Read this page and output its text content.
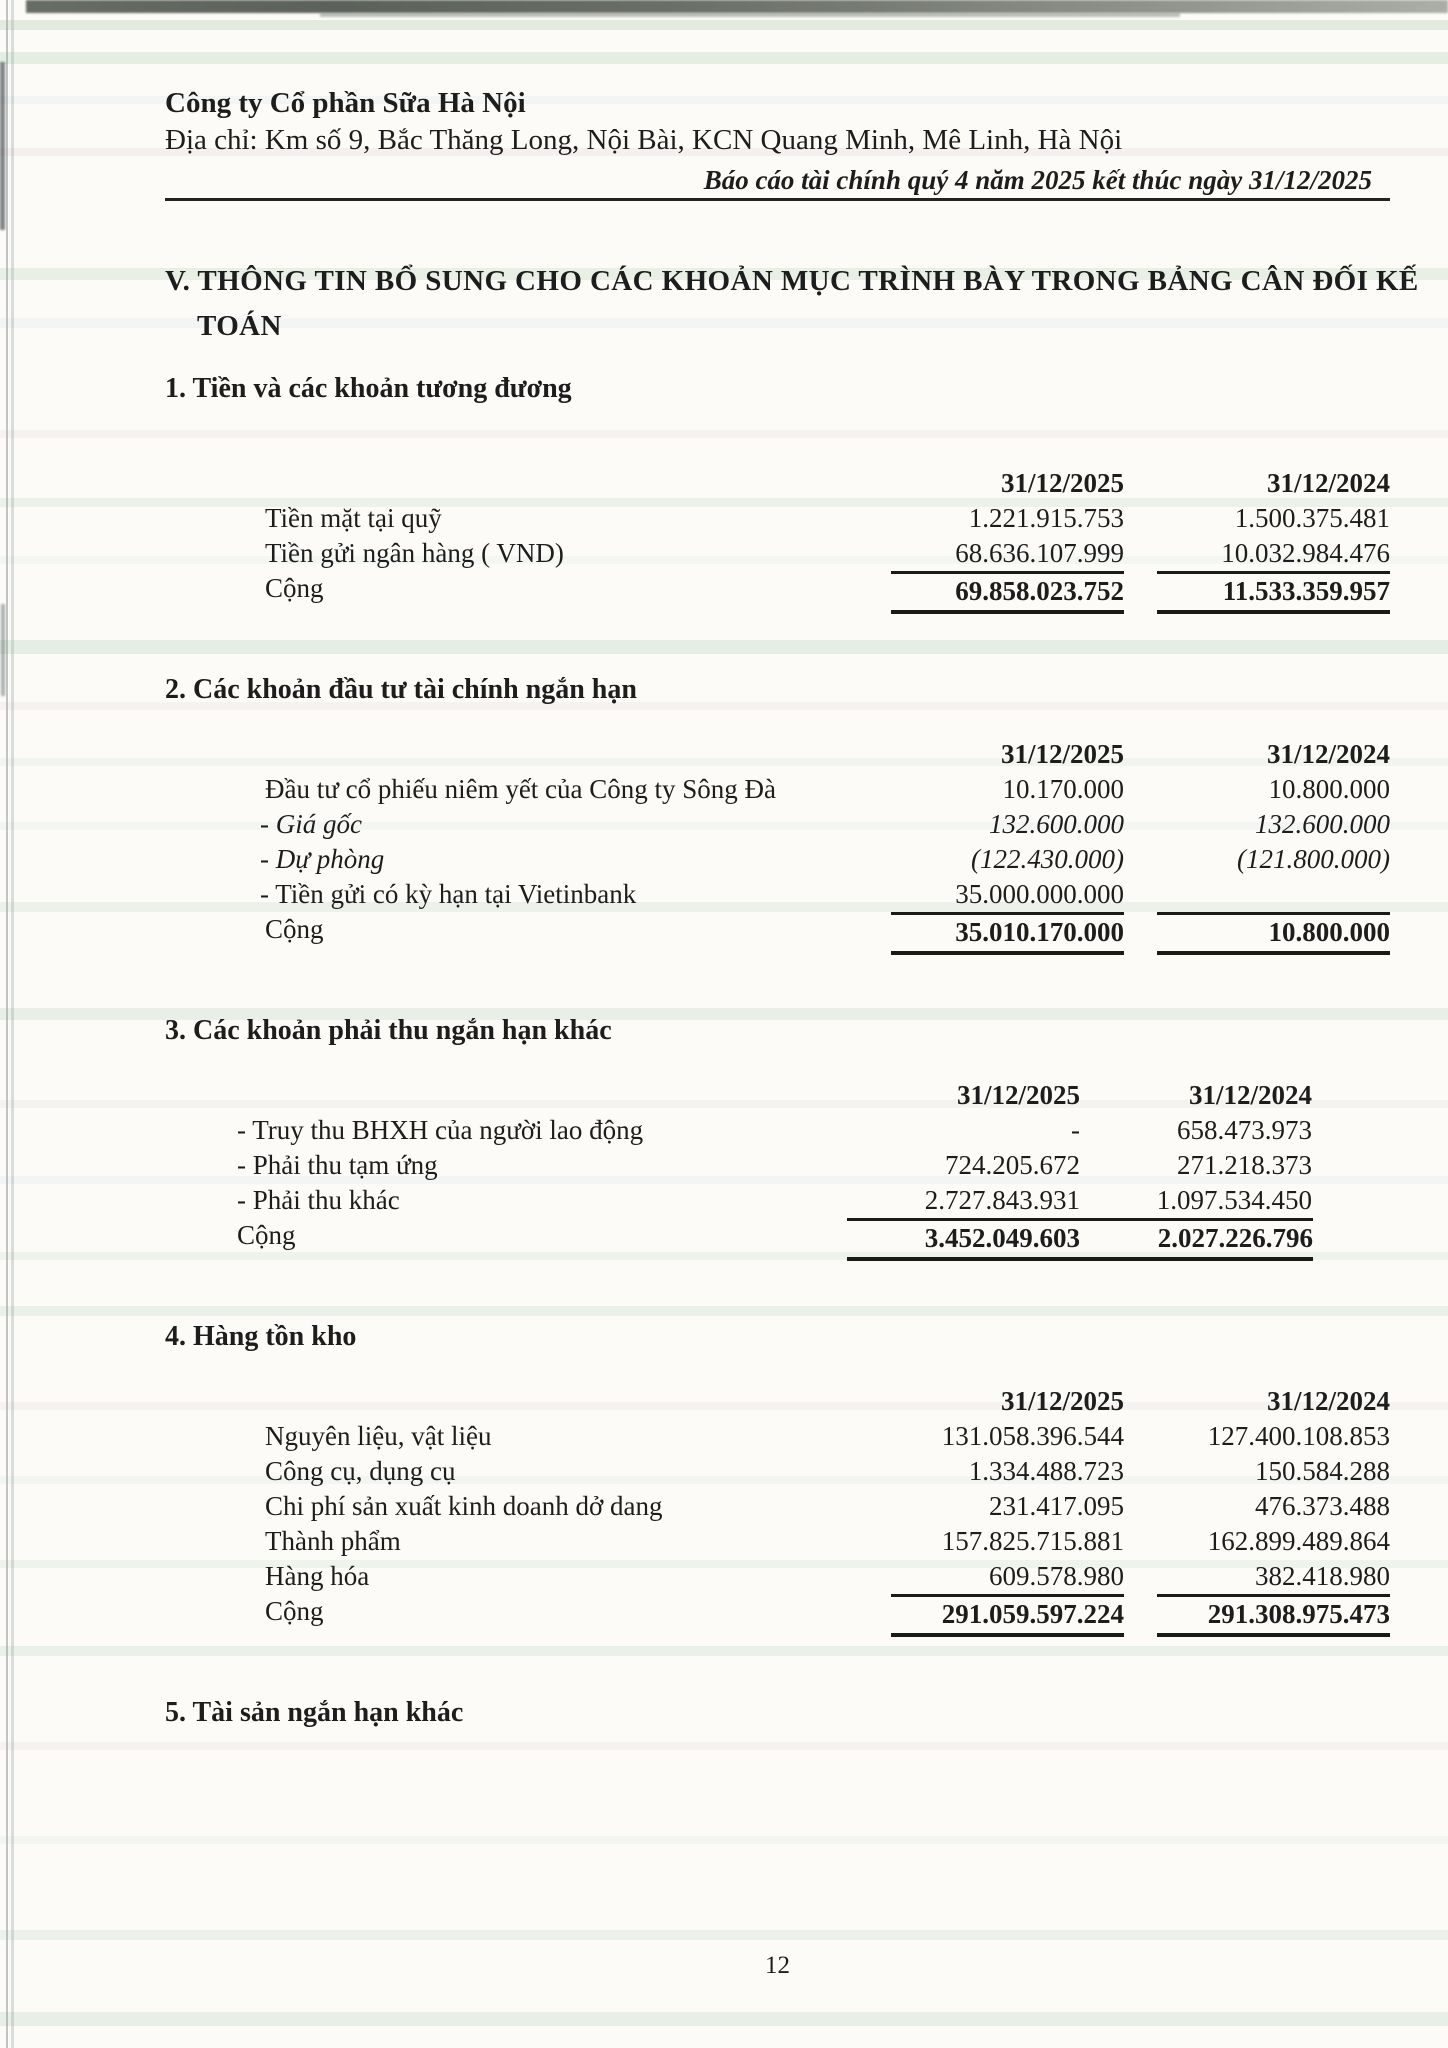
Công ty Cổ phần Sữa Hà Nội
Địa chỉ: Km số 9, Bắc Thăng Long, Nội Bài, KCN Quang Minh, Mê Linh, Hà Nội
Báo cáo tài chính quý 4 năm 2025 kết thúc ngày 31/12/2025
V. THÔNG TIN BỔ SUNG CHO CÁC KHOẢN MỤC TRÌNH BÀY TRONG BẢNG CÂN ĐỐI KẾ
TOÁN
1. Tiền và các khoản tương đương
31/12/2025	31/12/2024
Tiền mặt tại quỹ	1.221.915.753	1.500.375.481
Tiền gửi ngân hàng ( VND)	68.636.107.999	10.032.984.476
Cộng	69.858.023.752	11.533.359.957
2. Các khoản đầu tư tài chính ngắn hạn
31/12/2025	31/12/2024
Đầu tư cổ phiếu niêm yết của Công ty Sông Đà	10.170.000	10.800.000
- Giá gốc	132.600.000	132.600.000
- Dự phòng	(122.430.000)	(121.800.000)
- Tiền gửi có kỳ hạn tại Vietinbank	35.000.000.000
Cộng	35.010.170.000	10.800.000
3. Các khoản phải thu ngắn hạn khác
31/12/2025	31/12/2024
- Truy thu BHXH của người lao động	-	658.473.973
- Phải thu tạm ứng	724.205.672	271.218.373
- Phải thu khác	2.727.843.931	1.097.534.450
Cộng	3.452.049.603	2.027.226.796
4. Hàng tồn kho
31/12/2025	31/12/2024
Nguyên liệu, vật liệu	131.058.396.544	127.400.108.853
Công cụ, dụng cụ	1.334.488.723	150.584.288
Chi phí sản xuất kinh doanh dở dang	231.417.095	476.373.488
Thành phẩm	157.825.715.881	162.899.489.864
Hàng hóa	609.578.980	382.418.980
Cộng	291.059.597.224	291.308.975.473
5. Tài sản ngắn hạn khác
12
